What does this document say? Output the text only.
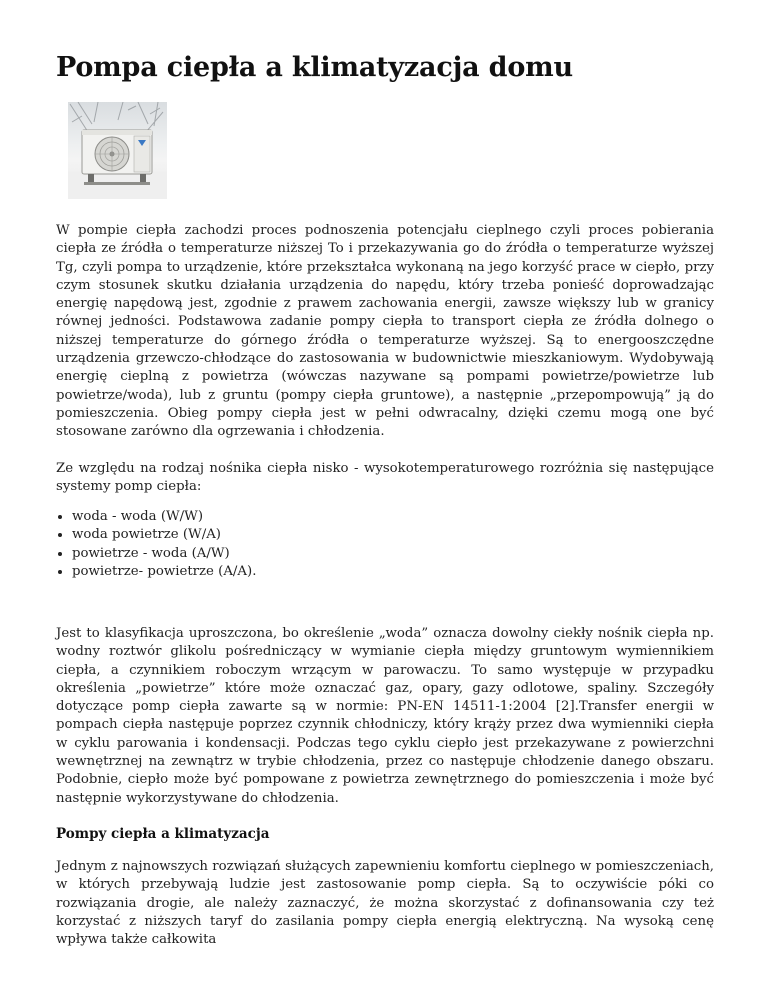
Pompa ciepła a klimatyzacja domu

W pompie ciepła zachodzi proces podnoszenia potencjału cieplnego czyli proces pobierania ciepła ze źródła o temperaturze niższej To i przekazywania go do źródła o temperaturze wyższej Tg, czyli pompa to urządzenie, które przekształca wykonaną na jego korzyść prace w ciepło, przy czym stosunek skutku działania urządzenia do napędu, który trzeba ponieść doprowadzając energię napędową jest, zgodnie z prawem zachowania energii, zawsze większy lub w granicy równej jedności. Podstawowa zadanie pompy ciepła to transport ciepła ze źródła dolnego o niższej temperaturze do górnego źródła o temperaturze wyższej. Są to energooszczędne urządzenia grzewczo-chłodzące do zastosowania w budownictwie mieszkaniowym. Wydobywają energię cieplną z powietrza (wówczas nazywane są pompami powietrze/powietrze lub powietrze/woda), lub z gruntu (pompy ciepła gruntowe), a następnie „przepompowują” ją do pomieszczenia. Obieg pompy ciepła jest w pełni odwracalny, dzięki czemu mogą one być stosowane zarówno dla ogrzewania i chłodzenia.

Ze względu na rodzaj nośnika ciepła nisko - wysokotemperaturowego rozróżnia się następujące systemy pomp ciepła:

• woda - woda (W/W)
• woda powietrze (W/A)
• powietrze - woda (A/W)
• powietrze- powietrze (A/A).

Jest to klasyfikacja uproszczona, bo określenie „woda” oznacza dowolny ciekły nośnik ciepła np. wodny roztwór glikolu pośredniczący w wymianie ciepła między gruntowym wymiennikiem ciepła, a czynnikiem roboczym wrzącym w parowaczu. To samo występuje w przypadku określenia „powietrze” które może oznaczać gaz, opary, gazy odlotowe, spaliny. Szczegóły dotyczące pomp ciepła zawarte są w normie: PN-EN 14511-1:2004 [2].Transfer energii w pompach ciepła następuje poprzez czynnik chłodniczy, który krąży przez dwa wymienniki ciepła w cyklu parowania i kondensacji. Podczas tego cyklu ciepło jest przekazywane z powierzchni wewnętrznej na zewnątrz w trybie chłodzenia, przez co następuje chłodzenie danego obszaru. Podobnie, ciepło może być pompowane z powietrza zewnętrznego do pomieszczenia i może być następnie wykorzystywane do chłodzenia.

Pompy ciepła a klimatyzacja

Jednym z najnowszych rozwiązań służących zapewnieniu komfortu cieplnego w pomieszczeniach, w których przebywają ludzie jest zastosowanie pomp ciepła. Są to oczywiście póki co rozwiązania drogie, ale należy zaznaczyć, że można skorzystać z dofinansowania czy też korzystać z niższych taryf do zasilania pompy ciepła energią elektryczną. Na wysoką cenę wpływa także całkowita
